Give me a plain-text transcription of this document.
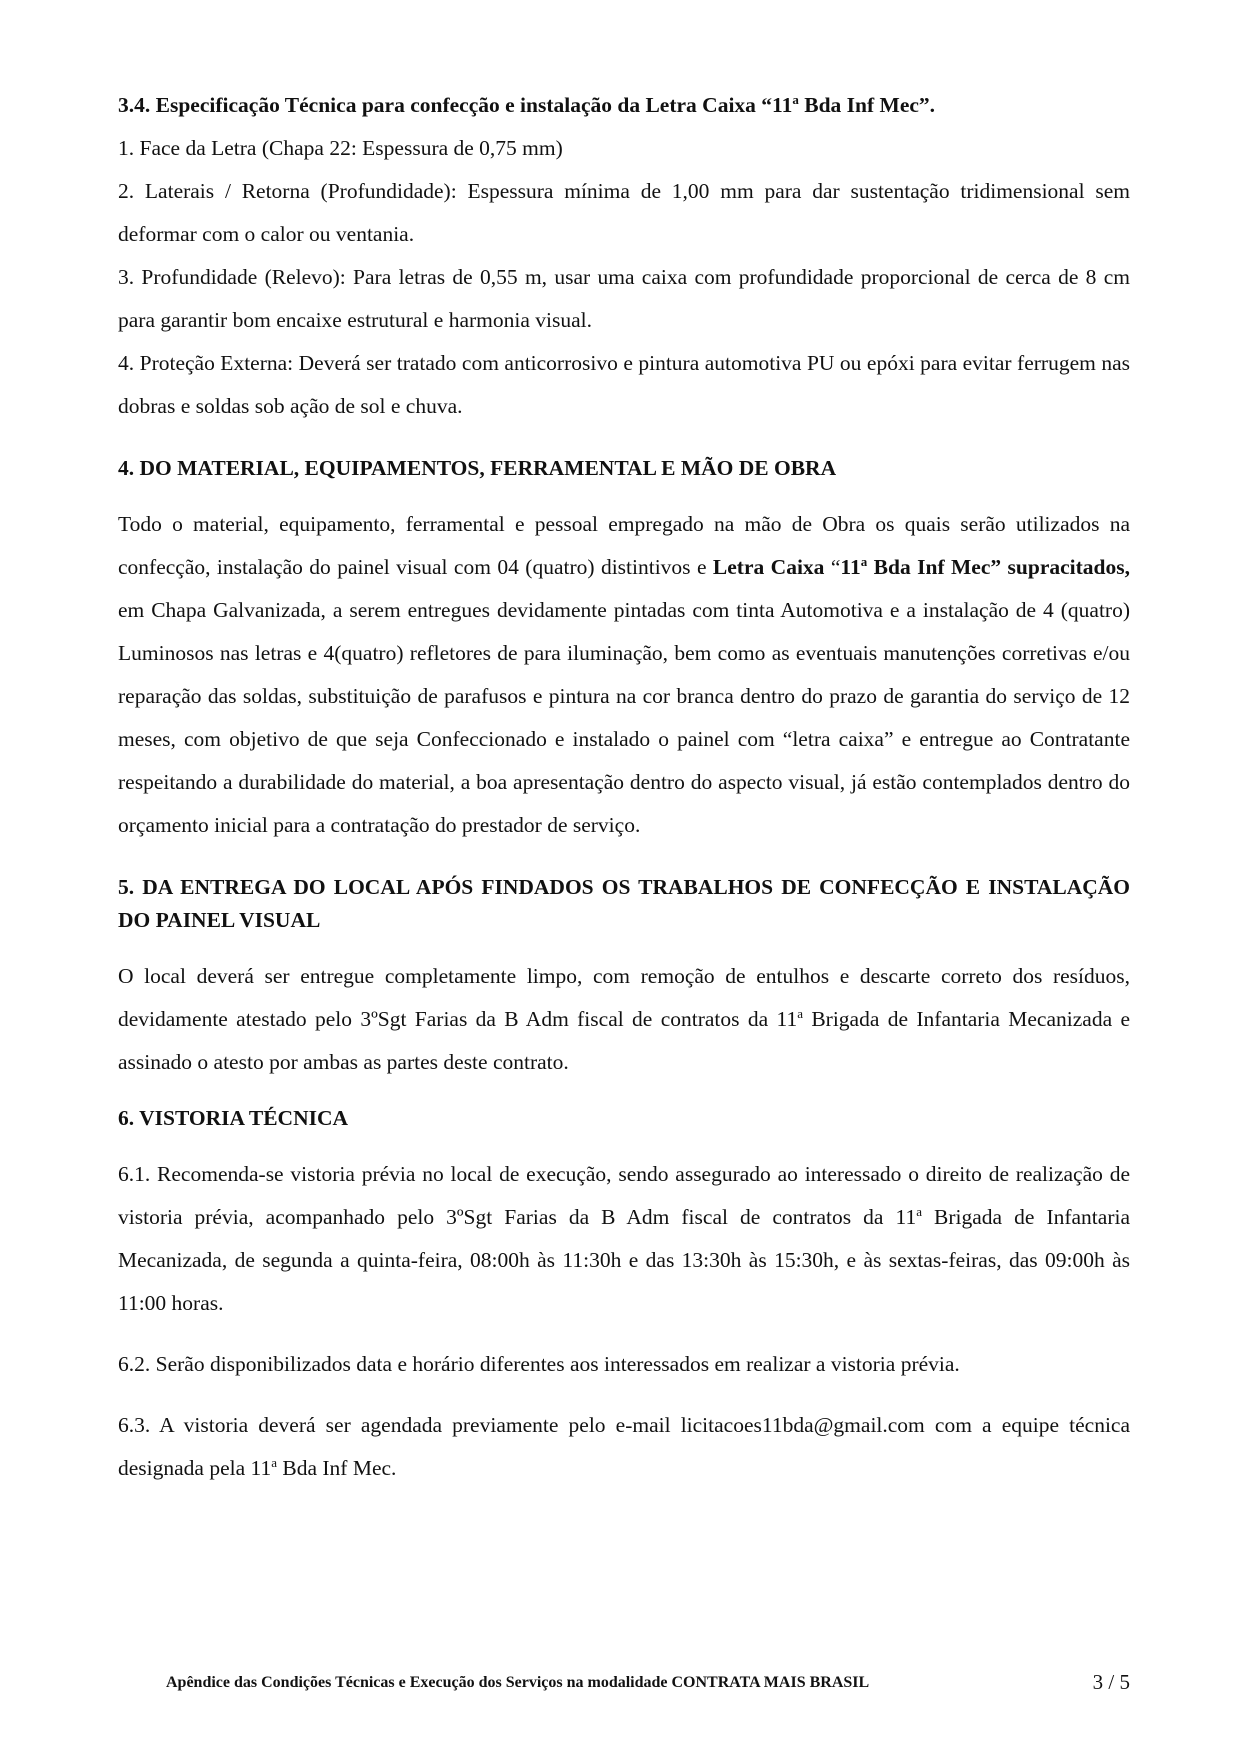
3.4. Especificação Técnica para confecção e instalação da Letra Caixa “11$^a$ Bda Inf Mec”.

1. Face da Letra (Chapa 22: Espessura de 0,75 mm)

2. Laterais / Retorna (Profundidade): Espessura mínima de 1,00 mm para dar sustentação tridimensional sem deformar com o calor ou ventania.

3. Profundidade (Relevo): Para letras de 0,55 m, usar uma caixa com profundidade proporcional de cerca de 8 cm para garantir bom encaixe estrutural e harmonia visual.

4. Proteção Externa: Deverá ser tratado com anticorrosivo e pintura automotiva PU ou epóxi para evitar ferrugem nas dobras e soldas sob ação de sol e chuva.

4. DO MATERIAL, EQUIPAMENTOS, FERRAMENTAL E MÃO DE OBRA

Todo o material, equipamento, ferramental e pessoal empregado na mão de Obra os quais serão utilizados na confecção, instalação do painel visual com 04 (quatro) distintivos e Letra Caixa “11$^a$ Bda Inf Mec” supracitados, em Chapa Galvanizada, a serem entregues devidamente pintadas com tinta Automotiva e a instalação de 4 (quatro) Luminosos nas letras e 4(quatro) refletores de para iluminação, bem como as eventuais manutenções corretivas e/ou reparação das soldas, substituição de parafusos e pintura na cor branca dentro do prazo de garantia do serviço de 12 meses, com objetivo de que seja Confeccionado e instalado o painel com “letra caixa” e entregue ao Contratante respeitando a durabilidade do material, a boa apresentação dentro do aspecto visual, já estão contemplados dentro do orçamento inicial para a contratação do prestador de serviço.

5. DA ENTREGA DO LOCAL APÓS FINDADOS OS TRABALHOS DE CONFECÇÃO E INSTALAÇÃO DO PAINEL VISUAL

O local deverá ser entregue completamente limpo, com remoção de entulhos e descarte correto dos resíduos, devidamente atestado pelo 3ºSgt Farias da B Adm fiscal de contratos da 11$^a$ Brigada de Infantaria Mecanizada e assinado o atesto por ambas as partes deste contrato.

6. VISTORIA TÉCNICA

6.1. Recomenda-se vistoria prévia no local de execução, sendo assegurado ao interessado o direito de realização de vistoria prévia, acompanhado pelo 3ºSgt Farias da B Adm fiscal de contratos da 11$^a$ Brigada de Infantaria Mecanizada, de segunda a quinta-feira, 08:00h às 11:30h e das 13:30h às 15:30h, e às sextas-feiras, das 09:00h às 11:00 horas.

6.2. Serão disponibilizados data e horário diferentes aos interessados em realizar a vistoria prévia.

6.3. A vistoria deverá ser agendada previamente pelo e-mail licitacoes11bda@gmail.com com a equipe técnica designada pela 11$^a$ Bda Inf Mec.

Apêndice das Condições Técnicas e Execução dos Serviços na modalidade CONTRATA MAIS BRASIL	3 / 5
